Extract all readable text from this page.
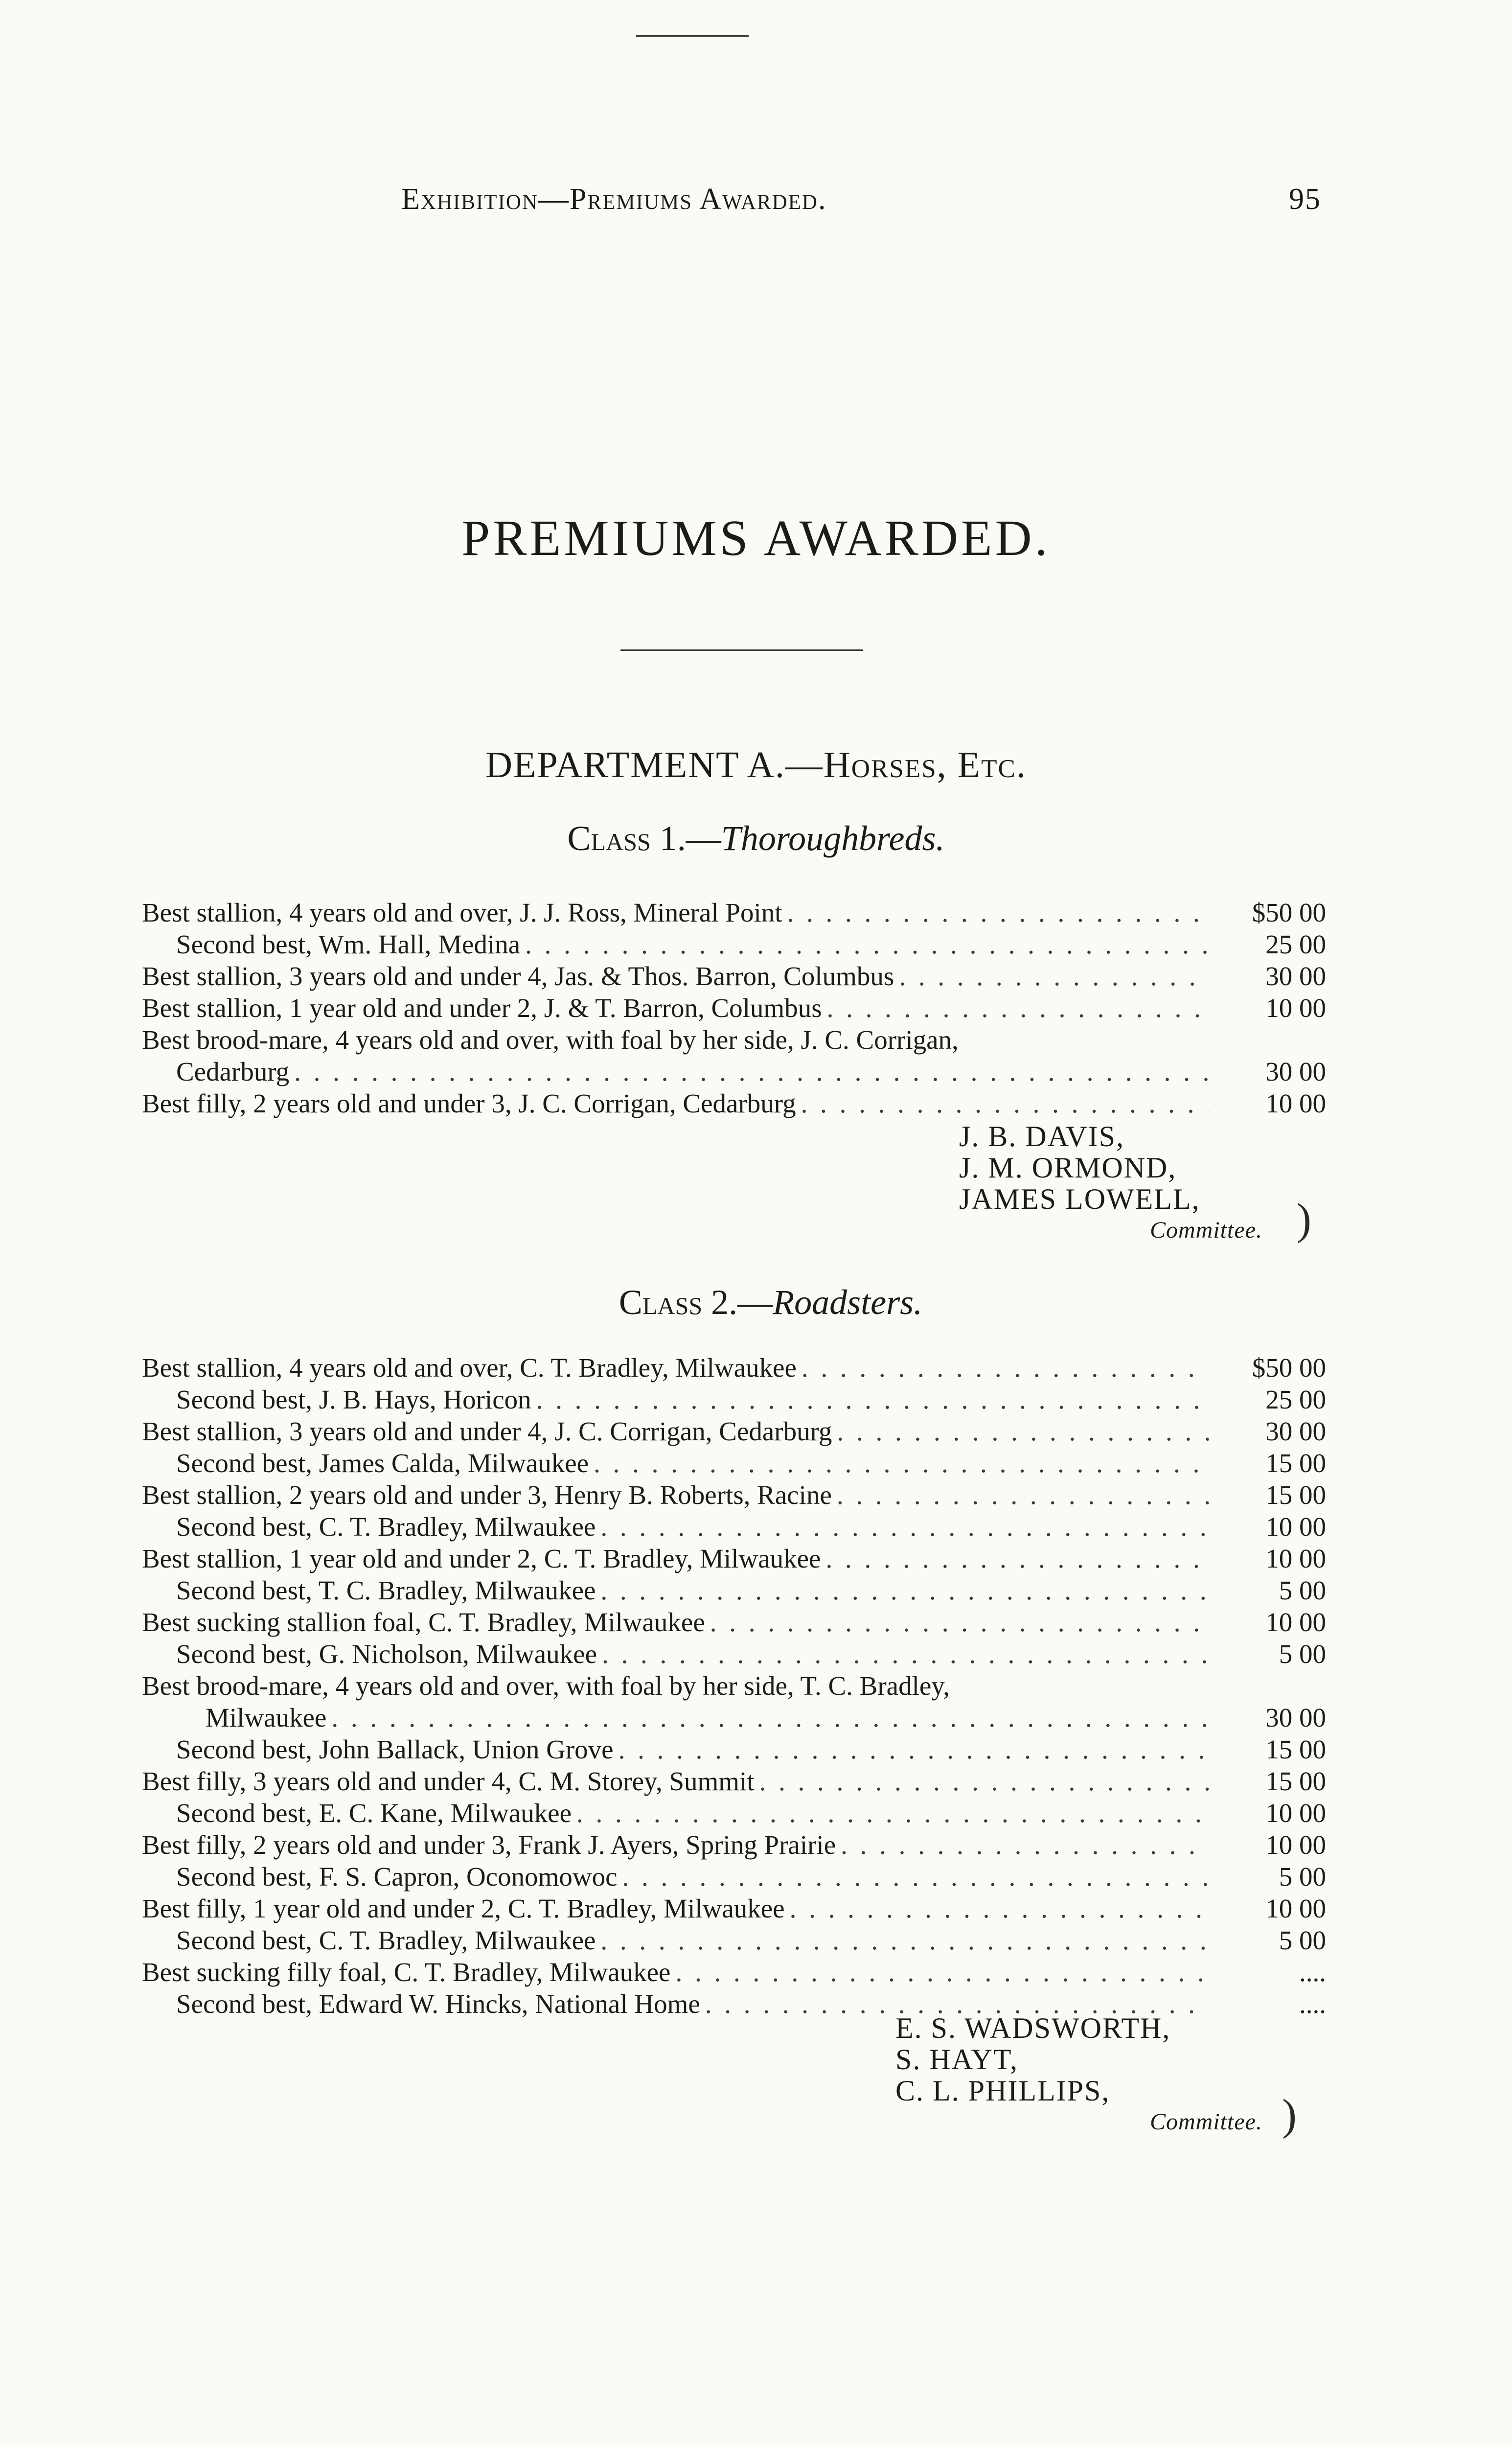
Exhibition—Premiums Awarded.	95
PREMIUMS AWARDED.
DEPARTMENT A.—Horses, Etc.
Class 1.—Thoroughbreds.
Best stallion, 4 years old and over, J. J. Ross, Mineral Point . . .	$50 00
Second best, Wm. Hall, Medina . . .	25 00
Best stallion, 3 years old and under 4, Jas. & Thos. Barron, Columbus . . .	30 00
Best stallion, 1 year old and under 2, J. & T. Barron, Columbus . . .	10 00
Best brood-mare, 4 years old and over, with foal by her side, J. C. Corrigan,
Cedarburg . . .	30 00
Best filly, 2 years old and under 3, J. C. Corrigan, Cedarburg . . .	10 00
J. B. DAVIS,
J. M. ORMOND,
JAMES LOWELL,
Committee. )
Class 2.—Roadsters.
Best stallion, 4 years old and over, C. T. Bradley, Milwaukee . . .	$50 00
Second best, J. B. Hays, Horicon . . .	25 00
Best stallion, 3 years old and under 4, J. C. Corrigan, Cedarburg . . .	30 00
Second best, James Calda, Milwaukee . . .	15 00
Best stallion, 2 years old and under 3, Henry B. Roberts, Racine . . .	15 00
Second best, C. T. Bradley, Milwaukee . . .	10 00
Best stallion, 1 year old and under 2, C. T. Bradley, Milwaukee . . .	10 00
Second best, T. C. Bradley, Milwaukee . . .	5 00
Best sucking stallion foal, C. T. Bradley, Milwaukee . . .	10 00
Second best, G. Nicholson, Milwaukee . . .	5 00
Best brood-mare, 4 years old and over, with foal by her side, T. C. Bradley,
Milwaukee . . .	30 00
Second best, John Ballack, Union Grove . . .	15 00
Best filly, 3 years old and under 4, C. M. Storey, Summit . . .	15 00
Second best, E. C. Kane, Milwaukee . . .	10 00
Best filly, 2 years old and under 3, Frank J. Ayers, Spring Prairie . . .	10 00
Second best, F. S. Capron, Oconomowoc . . .	5 00
Best filly, 1 year old and under 2, C. T. Bradley, Milwaukee . . .	10 00
Second best, C. T. Bradley, Milwaukee . . .	5 00
Best sucking filly foal, C. T. Bradley, Milwaukee . . .	....
Second best, Edward W. Hincks, National Home . . .	....
E. S. WADSWORTH,
S. HAYT,
C. L. PHILLIPS,
Committee. )
